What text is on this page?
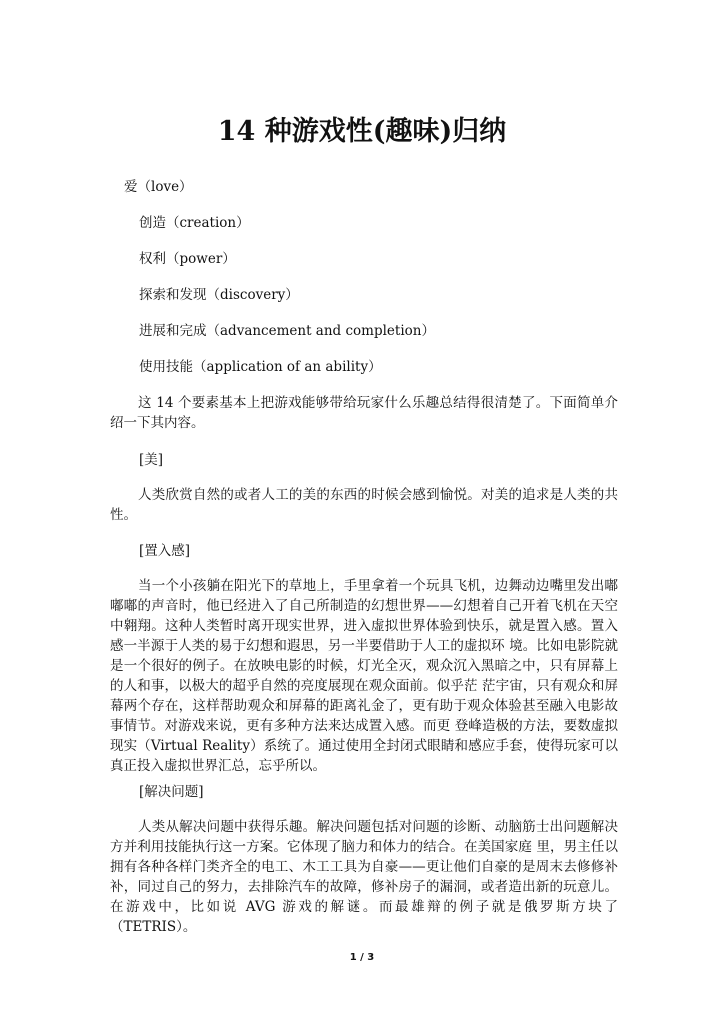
14 种游戏性(趣味)归纳

爱（love）

创造（creation）

权利（power）

探索和发现（discovery）

进展和完成（advancement and completion）

使用技能（application of an ability）

这 14 个要素基本上把游戏能够带给玩家什么乐趣总结得很清楚了。下面简单介绍一下其内容。

[美]

人类欣赏自然的或者人工的美的东西的时候会感到愉悦。对美的追求是人类的共性。

[置入感]

当一个小孩躺在阳光下的草地上，手里拿着一个玩具飞机，边舞动边嘴里发出嘟嘟嘟的声音时，他已经进入了自己所制造的幻想世界——幻想着自己开着飞机在天空中翱翔。这种人类暂时离开现实世界，进入虚拟世界体验到快乐，就是置入感。置入感一半源于人类的易于幻想和遐思，另一半要借助于人工的虚拟环 境。比如电影院就是一个很好的例子。在放映电影的时候，灯光全灭，观众沉入黑暗之中，只有屏幕上的人和事，以极大的超乎自然的亮度展现在观众面前。似乎茫 茫宇宙，只有观众和屏幕两个存在，这样帮助观众和屏幕的距离礼金了，更有助于观众体验甚至融入电影故事情节。对游戏来说，更有多种方法来达成置入感。而更 登峰造极的方法，要数虚拟现实（Virtual Reality）系统了。通过使用全封闭式眼睛和感应手套，使得玩家可以真正投入虚拟世界汇总，忘乎所以。

[解决问题]

人类从解决问题中获得乐趣。解决问题包括对问题的诊断、动脑筋士出问题解决方并利用技能执行这一方案。它体现了脑力和体力的结合。在美国家庭 里，男主任以拥有各种各样门类齐全的电工、木工工具为自豪——更让他们自豪的是周末去修修补补，同过自己的努力，去排除汽车的故障，修补房子的漏洞，或者造出新的玩意儿。在游戏中，比如说 AVG 游戏的解谜。而最雄辩的例子就是俄罗斯方块了（TETRIS）。

1 / 3
